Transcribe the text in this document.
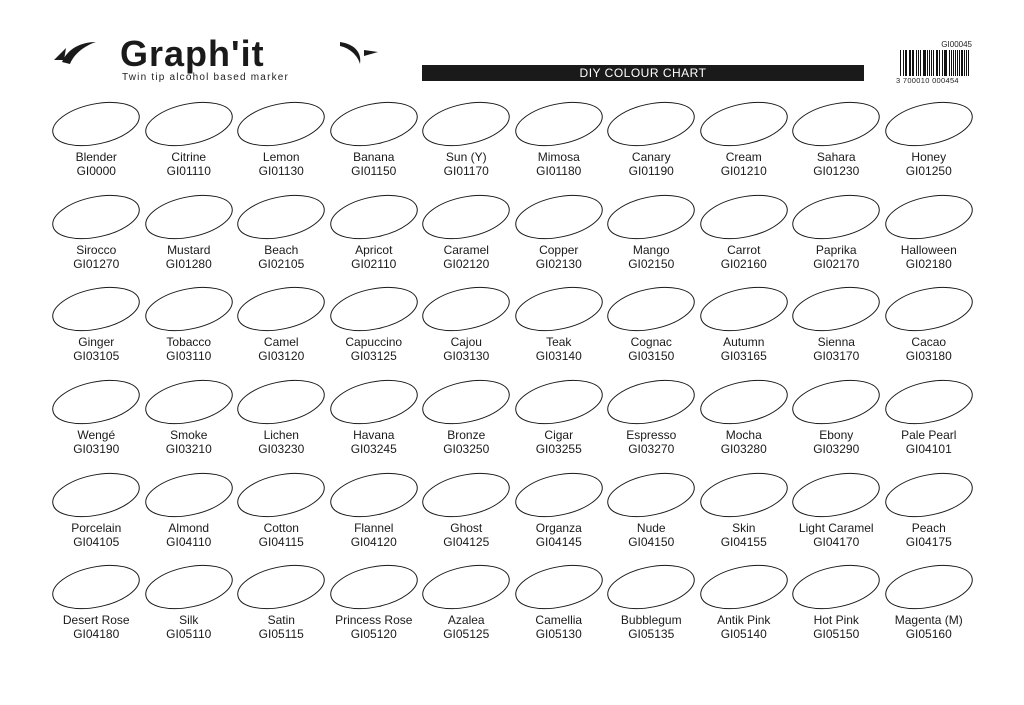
Graph'it
Twin tip alcohol based marker	DIY COLOUR CHART
GI00045
3 700010 000454
Blender
GI0000
Citrine
GI01110
Lemon
GI01130
Banana
GI01150
Sun (Y)
GI01170
Mimosa
GI01180
Canary
GI01190
Cream
GI01210
Sahara
GI01230
Honey
GI01250
Sirocco
GI01270
Mustard
GI01280
Beach
GI02105
Apricot
GI02110
Caramel
GI02120
Copper
GI02130
Mango
GI02150
Carrot
GI02160
Paprika
GI02170
Halloween
GI02180
Ginger
GI03105
Tobacco
GI03110
Camel
GI03120
Capuccino
GI03125
Cajou
GI03130
Teak
GI03140
Cognac
GI03150
Autumn
GI03165
Sienna
GI03170
Cacao
GI03180
Wengé
GI03190
Smoke
GI03210
Lichen
GI03230
Havana
GI03245
Bronze
GI03250
Cigar
GI03255
Espresso
GI03270
Mocha
GI03280
Ebony
GI03290
Pale Pearl
GI04101
Porcelain
GI04105
Almond
GI04110
Cotton
GI04115
Flannel
GI04120
Ghost
GI04125
Organza
GI04145
Nude
GI04150
Skin
GI04155
Light Caramel
GI04170
Peach
GI04175
Desert Rose
GI04180
Silk
GI05110
Satin
GI05115
Princess Rose
GI05120
Azalea
GI05125
Camellia
GI05130
Bubblegum
GI05135
Antik Pink
GI05140
Hot Pink
GI05150
Magenta (M)
GI05160
